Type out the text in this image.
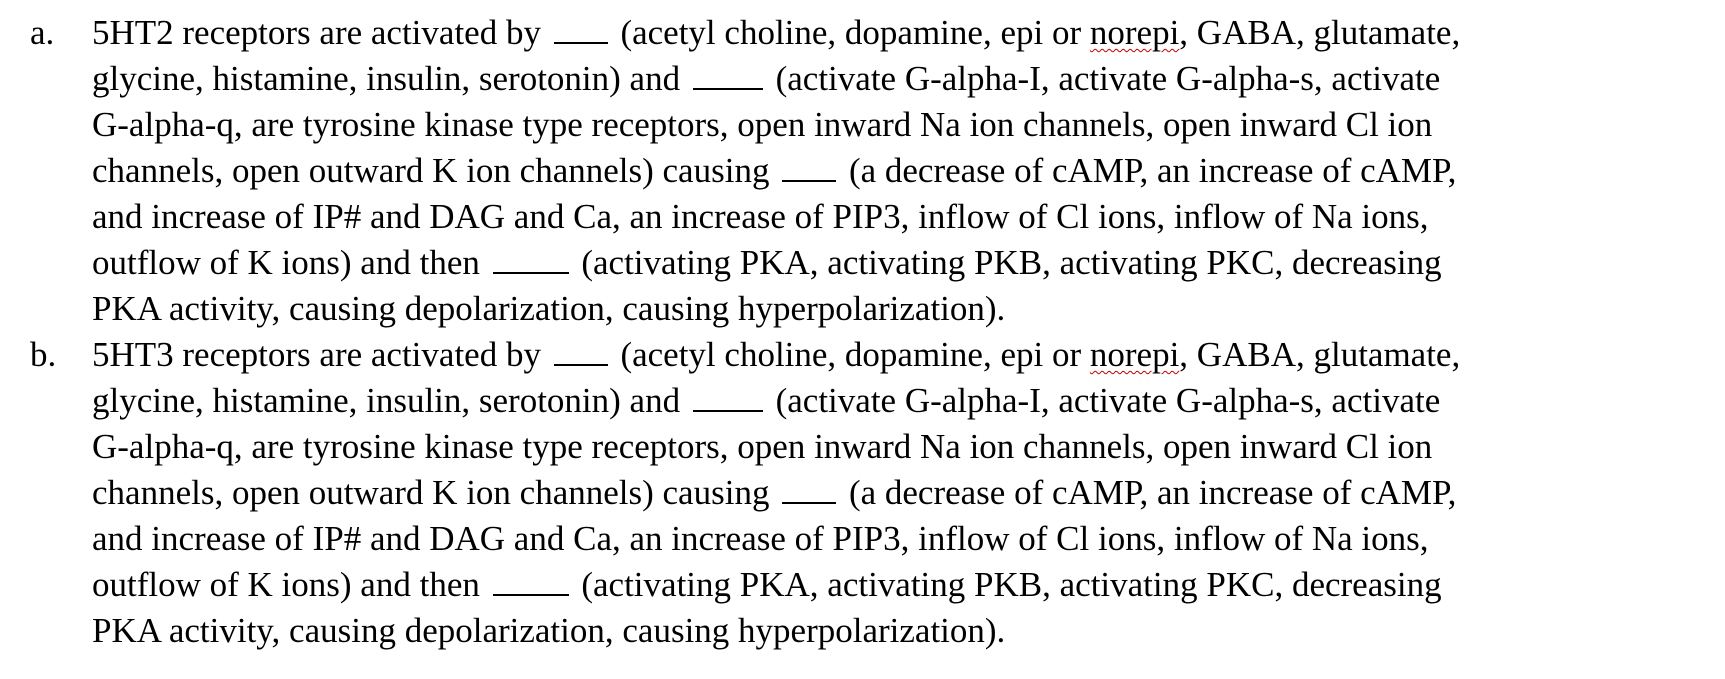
a. 5HT2 receptors are activated by (acetyl choline, dopamine, epi or norepi, GABA, glutamate,
glycine, histamine, insulin, serotonin) and	(activate G-alpha-I, activate G-alpha-s, activate
G-alpha-q, are tyrosine kinase type receptors, open inward Na ion channels, open inward Cl ion
channels, open outward K ion channels) causing (a decrease of cAMP, an increase of cAMP,
and increase of IP# and DAG and Ca, an increase of PIP3, inflow of Cl ions, inflow of Na ions,
outflow of K ions) and then	(activating PKA, activating PKB, activating PKC, decreasing
PKA activity, causing depolarization, causing hyperpolarization).
b. 5HT3 receptors are activated by (acetyl choline, dopamine, epi or norepi, GABA, glutamate,
glycine, histamine, insulin, serotonin) and	(activate G-alpha-I, activate G-alpha-s, activate
G-alpha-q, are tyrosine kinase type receptors, open inward Na ion channels, open inward Cl ion
channels, open outward K ion channels) causing (a decrease of cAMP, an increase of cAMP,
and increase of IP# and DAG and Ca, an increase of PIP3, inflow of Cl ions, inflow of Na ions,
outflow of K ions) and then	(activating PKA, activating PKB, activating PKC, decreasing
PKA activity, causing depolarization, causing hyperpolarization).
